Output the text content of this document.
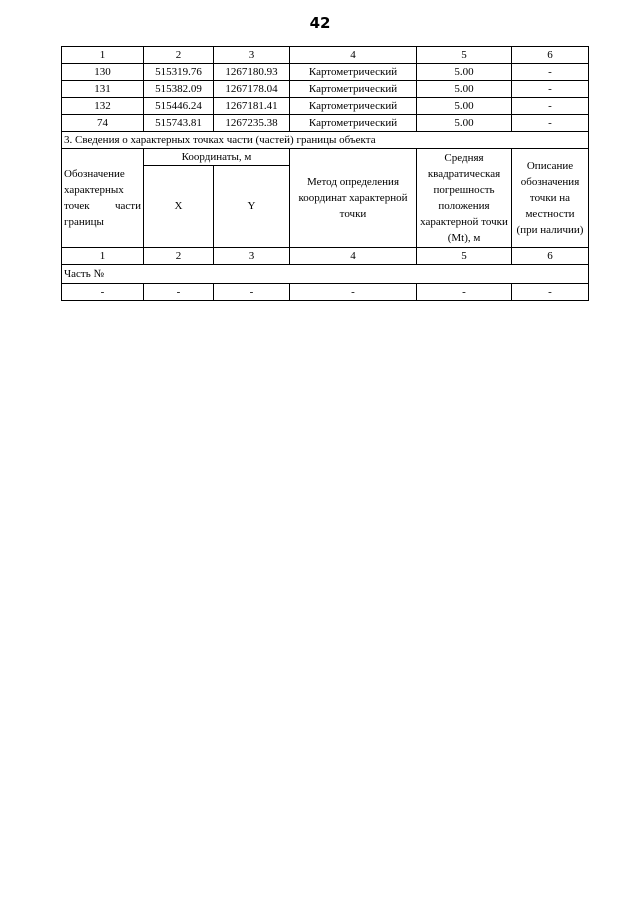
42
1	2	3	4	5	6
130	515319.76	1267180.93	Картометрический	5.00	-
131	515382.09	1267178.04	Картометрический	5.00	-
132	515446.24	1267181.41	Картометрический	5.00	-
74	515743.81	1267235.38	Картометрический	5.00	-
3. Сведения о характерных точках части (частей) границы объекта					

Обозначение
характерных
точек части
границы	Координаты, м		Метод определения координат характерной точки	Средняя квадратическая погрешность положения характерной точки (Mt), м	Описание обозначения точки на местности (при наличии)
	X	Y			
1	2	3	4	5	6
Часть №					
-	-	-	-	-	-
